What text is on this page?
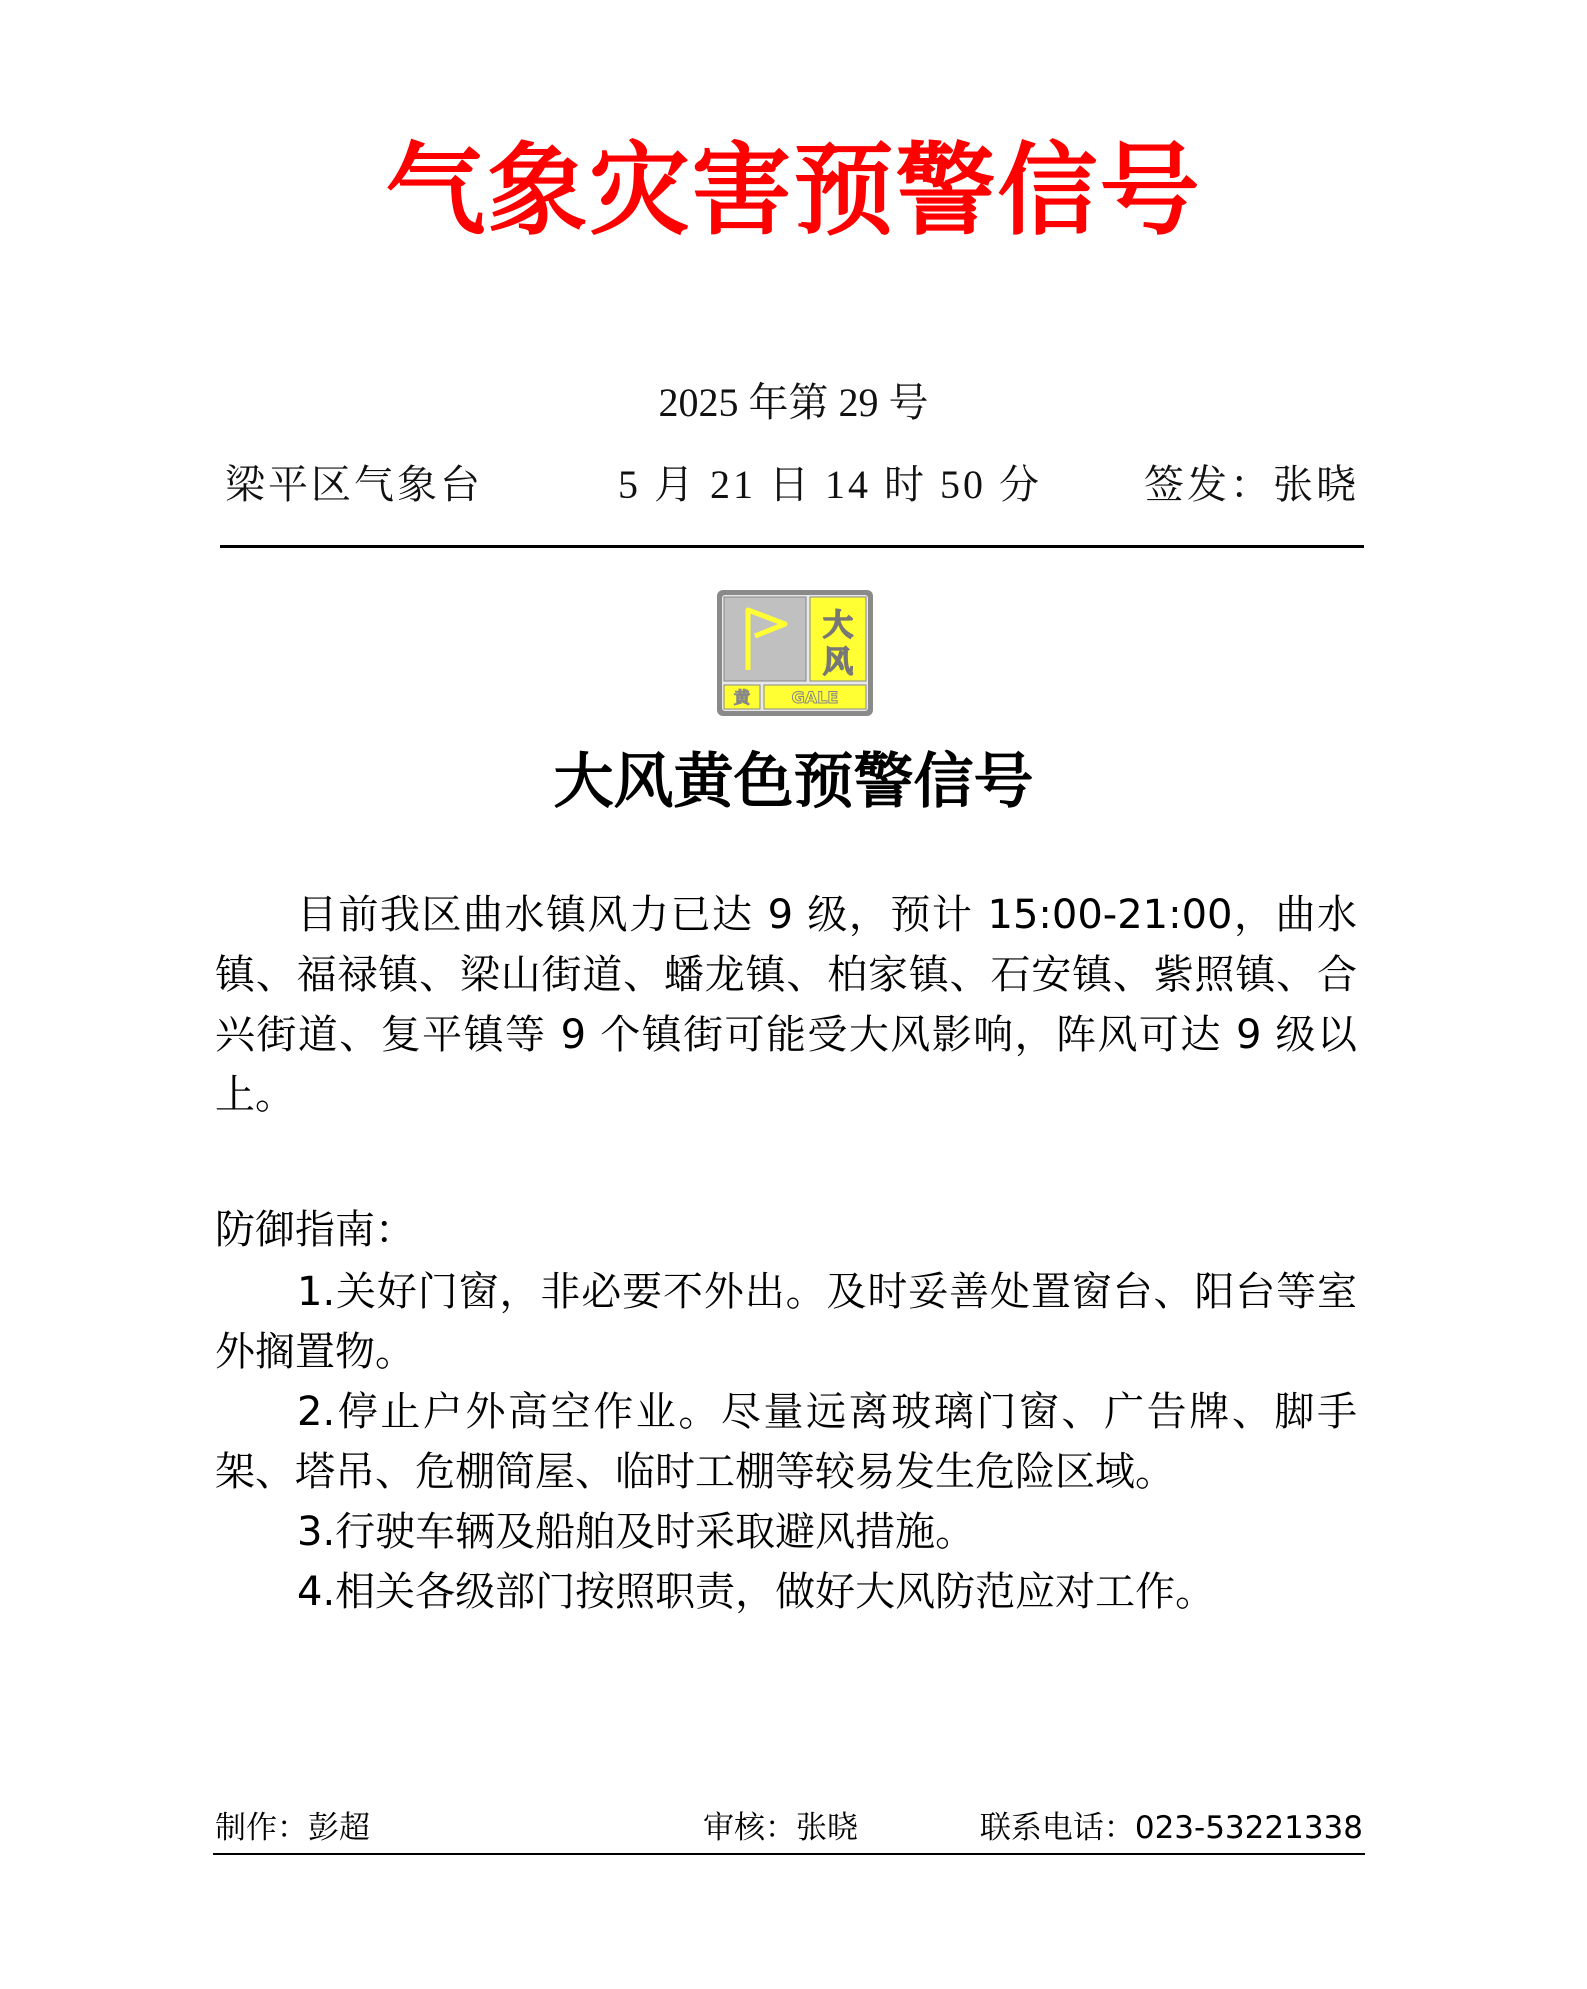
气象灾害预警信号
2025 年第 29 号
梁平区气象台	5 月 21 日 14 时 50 分	签发：张晓
大
风
黄	GALE
大风黄色预警信号

目前我区曲水镇风力已达 9 级，预计 15:00-21:00，曲水镇、福禄镇、梁山街道、蟠龙镇、柏家镇、石安镇、紫照镇、合兴街道、复平镇等 9 个镇街可能受大风影响，阵风可达 9 级以上。

防御指南：

1.关好门窗，非必要不外出。及时妥善处置窗台、阳台等室外搁置物。
2.停止户外高空作业。尽量远离玻璃门窗、广告牌、脚手架、塔吊、危棚简屋、临时工棚等较易发生危险区域。
3.行驶车辆及船舶及时采取避风措施。
4.相关各级部门按照职责，做好大风防范应对工作。
制作：彭超	审核：张晓	联系电话：023-53221338
